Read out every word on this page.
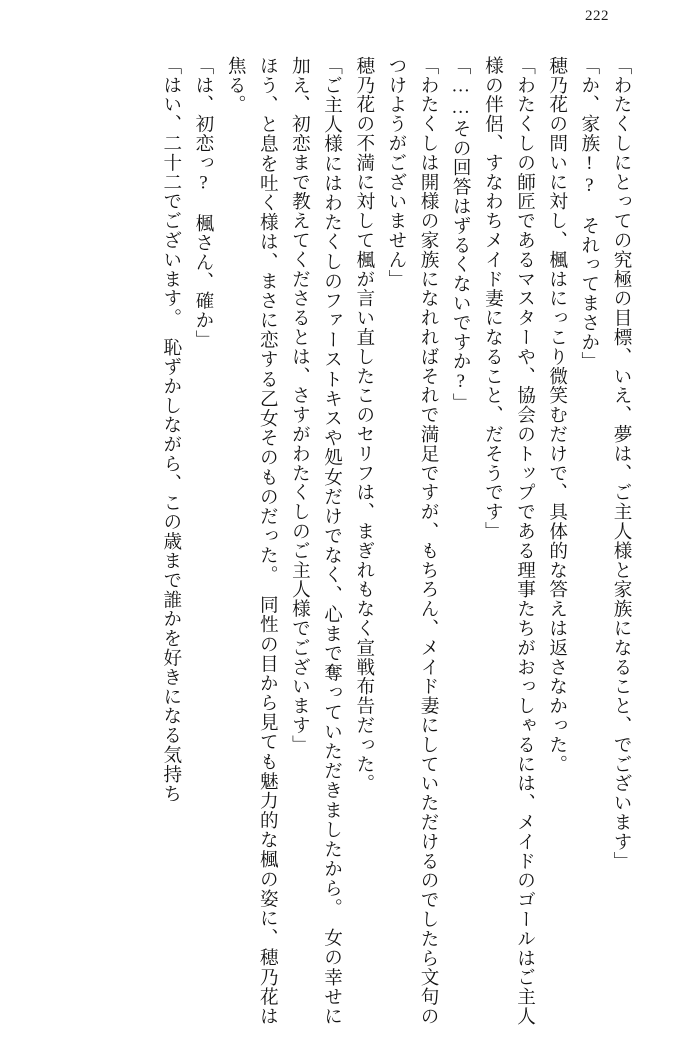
222

「わたくしにとっての究極の目標、いえ、夢は、ご主人様と家族になること、でございます」

「か、家族!?　それってまさか」

穂乃花の問いに対し、楓はにっこり微笑むだけで、具体的な答えは返さなかった。

「わたくしの師匠であるマスターや、協会のトップである理事たちがおっしゃるには、メイドのゴールはご主人様の伴侶、すなわちメイド妻になること、だそうです」

「……その回答はずるくないですか?」

「わたくしは開様の家族になれればそれで満足ですが、もちろん、メイド妻にしていただけるのでしたら文句のつけようがございません」

穂乃花の不満に対して楓が言い直したこのセリフは、まぎれもなく宣戦布告だった。

「ご主人様にはわたくしのファーストキスや処女だけでなく、心まで奪っていただきましたから。　女の幸せに加え、初恋まで教えてくださるとは、さすがわたくしのご主人様でございます」

ほう、と息を吐く様は、まさに恋する乙女そのものだった。　同性の目から見ても魅力的な楓の姿に、穂乃花は焦る。

「は、初恋っ?　楓さん、確か」

「はい、二十二でございます。　恥ずかしながら、この歳まで誰かを好きになる気持ち
